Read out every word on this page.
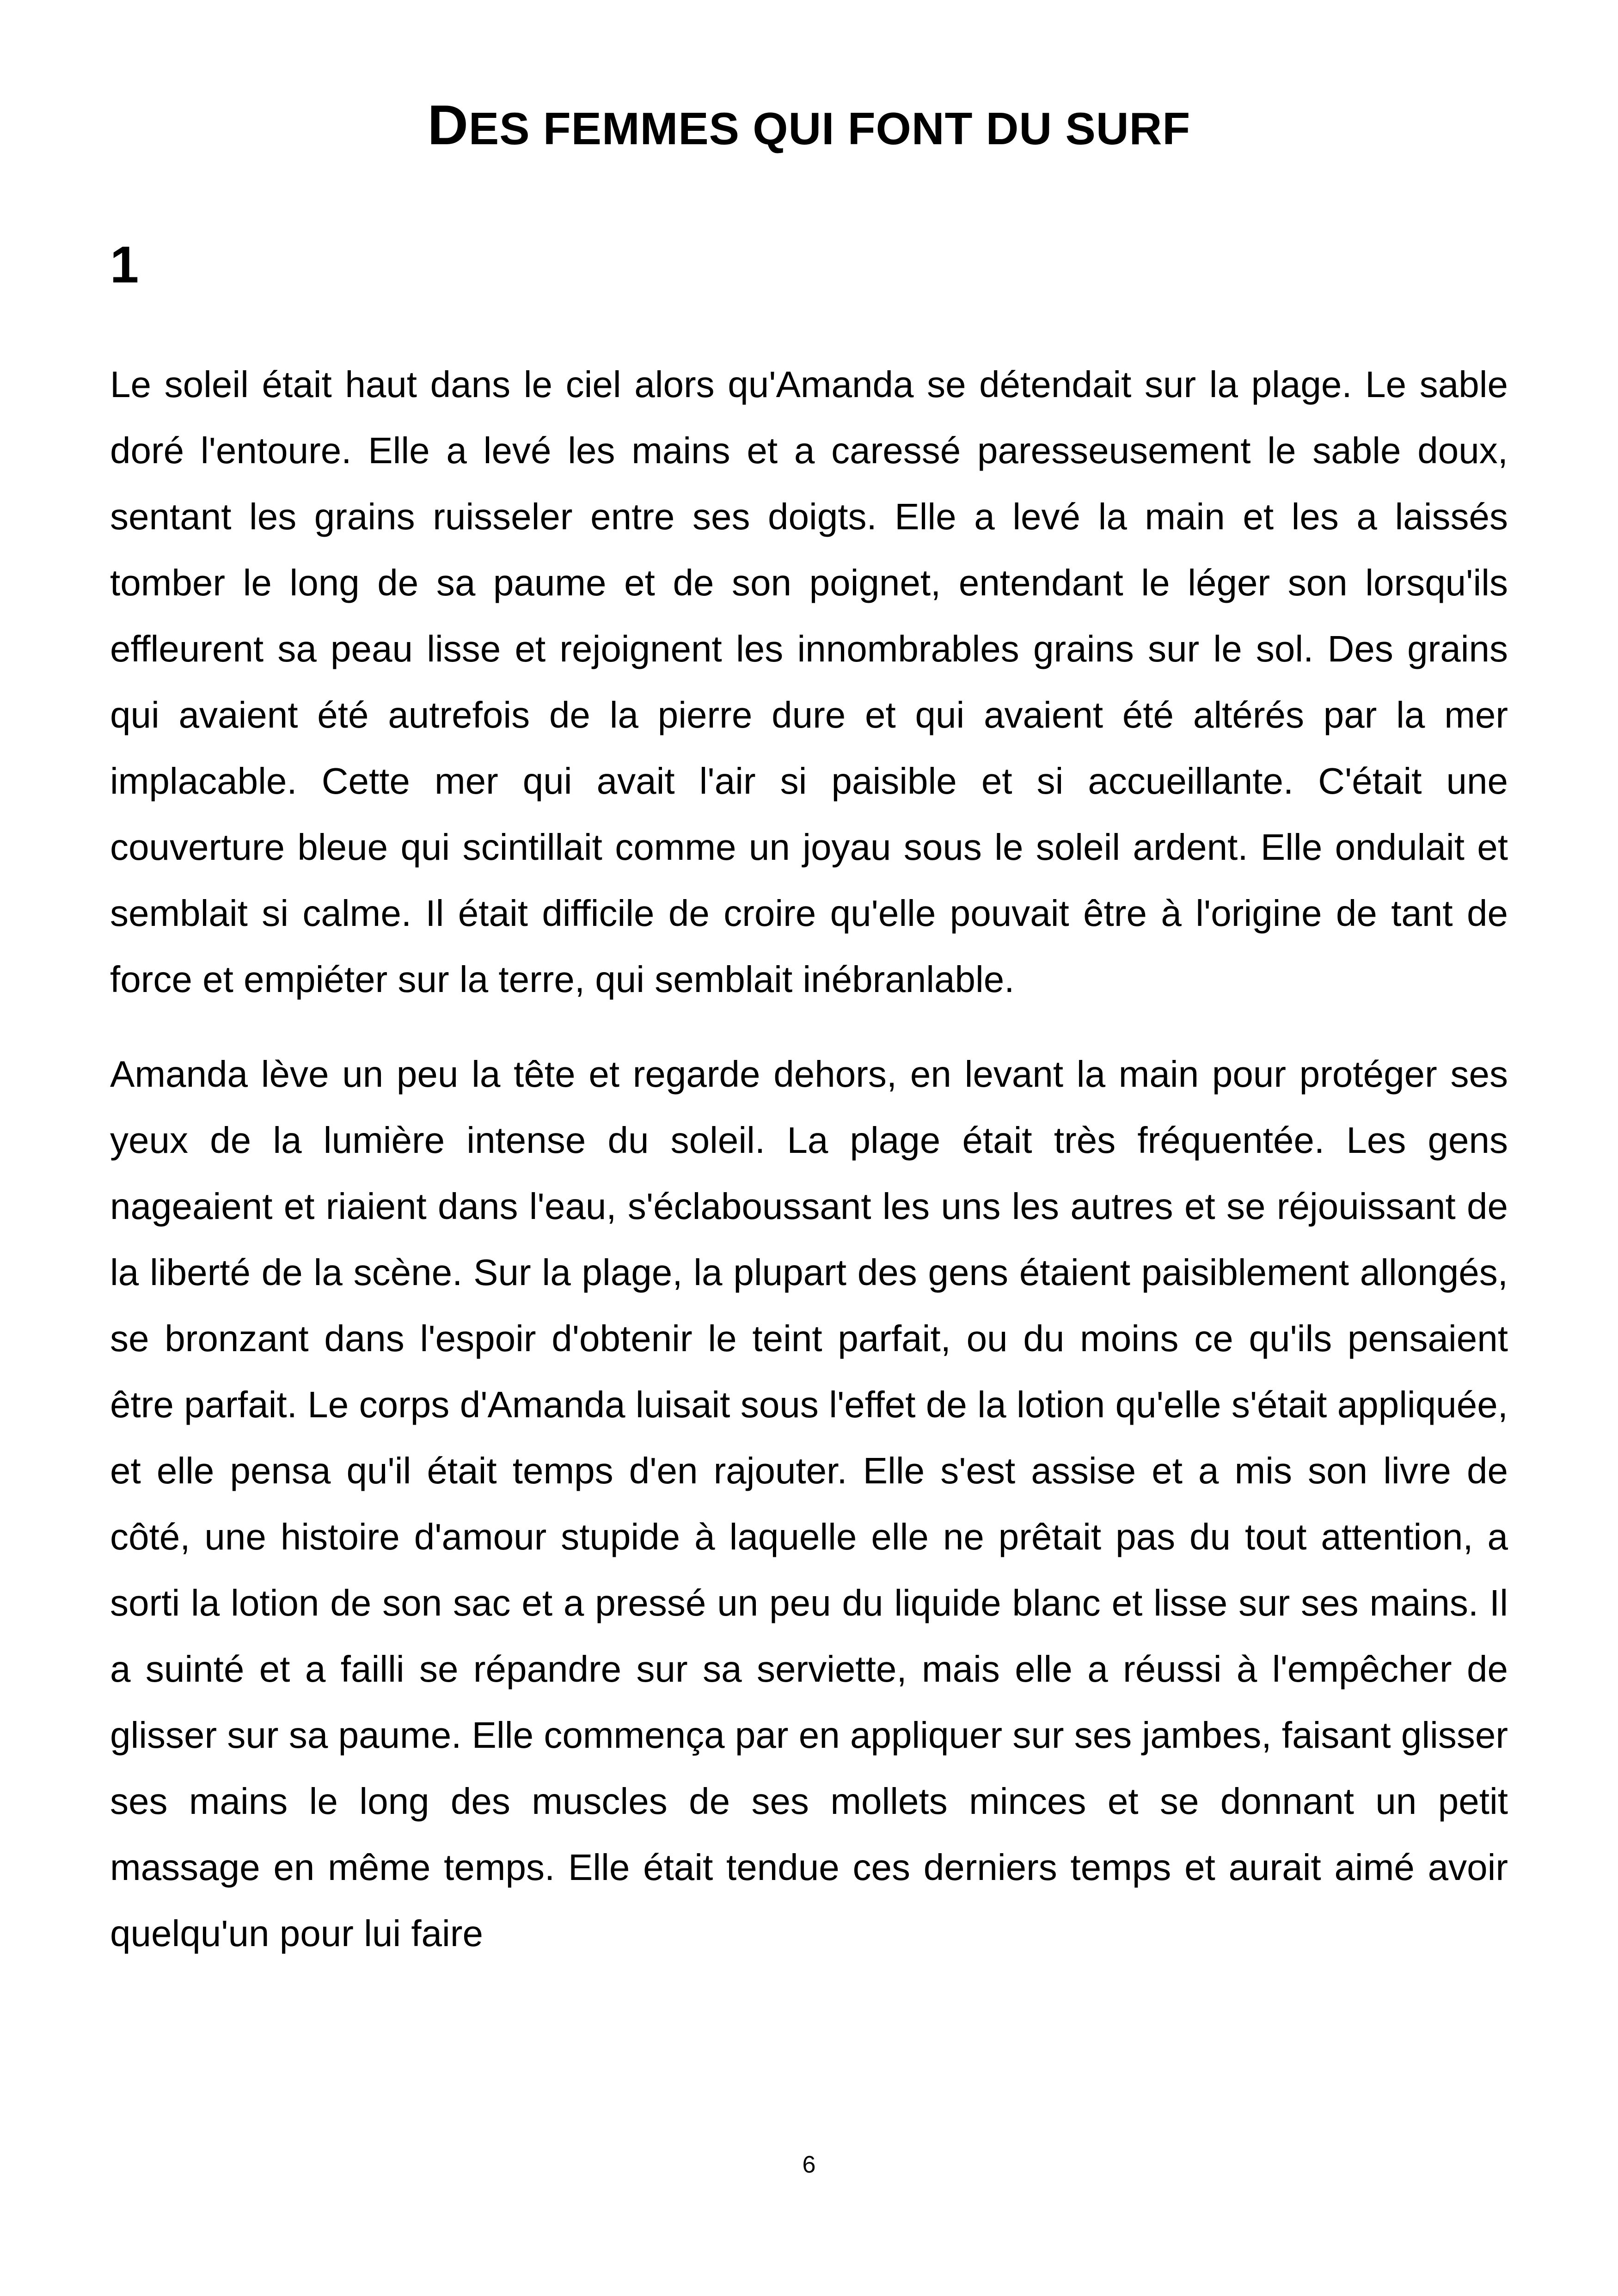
DES FEMMES QUI FONT DU SURF
1

Le soleil était haut dans le ciel alors qu'Amanda se détendait sur la plage. Le sable doré l'entoure. Elle a levé les mains et a caressé paresseusement le sable doux, sentant les grains ruisseler entre ses doigts. Elle a levé la main et les a laissés tomber le long de sa paume et de son poignet, entendant le léger son lorsqu'ils effleurent sa peau lisse et rejoignent les innombrables grains sur le sol. Des grains qui avaient été autrefois de la pierre dure et qui avaient été altérés par la mer implacable. Cette mer qui avait l'air si paisible et si accueillante. C'était une couverture bleue qui scintillait comme un joyau sous le soleil ardent. Elle ondulait et semblait si calme. Il était difficile de croire qu'elle pouvait être à l'origine de tant de force et empiéter sur la terre, qui semblait inébranlable.

Amanda lève un peu la tête et regarde dehors, en levant la main pour protéger ses yeux de la lumière intense du soleil. La plage était très fréquentée. Les gens nageaient et riaient dans l'eau, s'éclaboussant les uns les autres et se réjouissant de la liberté de la scène. Sur la plage, la plupart des gens étaient paisiblement allongés, se bronzant dans l'espoir d'obtenir le teint parfait, ou du moins ce qu'ils pensaient être parfait. Le corps d'Amanda luisait sous l'effet de la lotion qu'elle s'était appliquée, et elle pensa qu'il était temps d'en rajouter. Elle s'est assise et a mis son livre de côté, une histoire d'amour stupide à laquelle elle ne prêtait pas du tout attention, a sorti la lotion de son sac et a pressé un peu du liquide blanc et lisse sur ses mains. Il a suinté et a failli se répandre sur sa serviette, mais elle a réussi à l'empêcher de glisser sur sa paume. Elle commença par en appliquer sur ses jambes, faisant glisser ses mains le long des muscles de ses mollets minces et se donnant un petit massage en même temps. Elle était tendue ces derniers temps et aurait aimé avoir quelqu'un pour lui faire

6
